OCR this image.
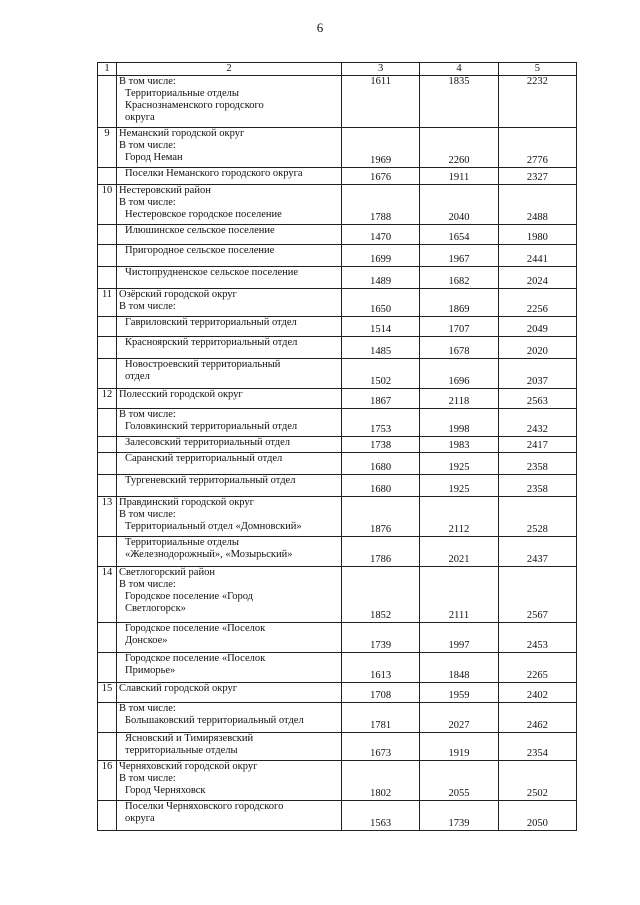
6
1	2	3	4	5

	В том числе:
Территориальные отделы
Краснознаменского городского
округа	1611	1835	2232
9	Неманский городской округ
В том числе:
Город Неман	1969	2260	2776

	Поселки Неманского городского округа	1676	1911	2327
10	Нестеровский район
В том числе:
Нестеровское городское поселение	1788	2040	2488

	Илюшинское сельское поселение	1470	1654	1980

	Пригородное сельское поселение	1699	1967	2441

	Чистопрудненское сельское поселение	1489	1682	2024
11	Озёрский городской округ
В том числе:	1650	1869	2256

	Гавриловский территориальный отдел	1514	1707	2049

	Красноярский территориальный отдел	1485	1678	2020

	Новостроевский территориальный
отдел	1502	1696	2037
12	Полесский городской округ	1867	2118	2563

	В том числе:
Головкинский территориальный отдел	1753	1998	2432

	Залесовский территориальный отдел	1738	1983	2417

	Саранский территориальный отдел	1680	1925	2358

	Тургеневский территориальный отдел	1680	1925	2358
13	Правдинский городской округ
В том числе:
Территориальный отдел «Домновский»	1876	2112	2528

	Территориальные отделы
«Железнодорожный», «Мозырьский»	1786	2021	2437
14	Светлогорский район
В том числе:
Городское поселение «Город
Светлогорск»	1852	2111	2567

	Городское поселение «Поселок
Донское»	1739	1997	2453

	Городское поселение «Поселок
Приморье»	1613	1848	2265
15	Славский городской округ	1708	1959	2402

	В том числе:
Большаковский территориальный отдел	1781	2027	2462

	Ясновский и Тимирязевский
территориальные отделы	1673	1919	2354
16	Черняховский городской округ
В том числе:
Город Черняховск	1802	2055	2502

	Поселки Черняховского городского
округа	1563	1739	2050
